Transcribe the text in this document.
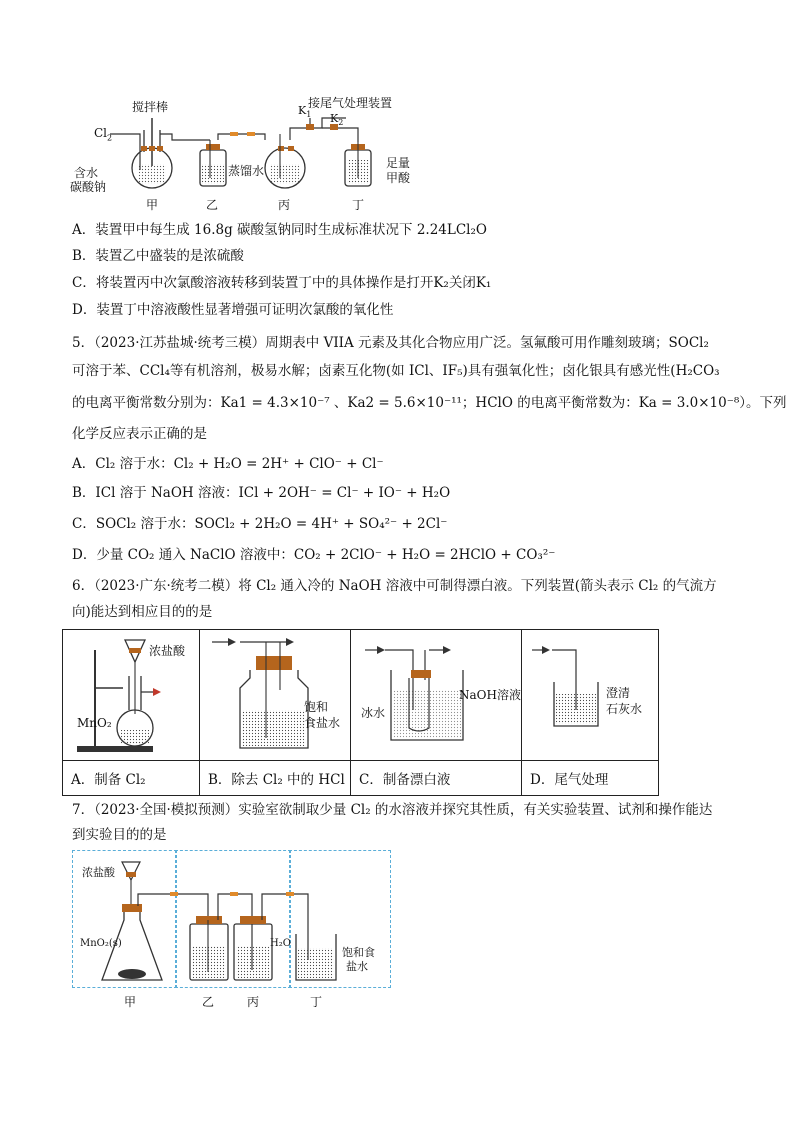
搅拌棒	接尾气处理装置
$K_1$ $K_2$
$Cl_2$
含水
碳酸钠
蒸馏水
足量
甲酸
甲	乙	丙	丁
A．装置甲中每生成 16.8g 碳酸氢钠同时生成标准状况下 2.24LCl₂O
B．装置乙中盛装的是浓硫酸
C．将装置丙中次氯酸溶液转移到装置丁中的具体操作是打开K₂关闭K₁
D．装置丁中溶液酸性显著增强可证明次氯酸的氧化性
5．（2023·江苏盐城·统考三模）周期表中 VIIA 元素及其化合物应用广泛。氢氟酸可用作雕刻玻璃；SOCl₂
可溶于苯、CCl₄等有机溶剂，极易水解；卤素互化物(如 ICl、IF₅)具有强氧化性；卤化银具有感光性(H₂CO₃
的电离平衡常数分别为：Ka1 = 4.3×10⁻⁷ 、Ka2 = 5.6×10⁻¹¹；HClO 的电离平衡常数为：Ka = 3.0×10⁻⁸）。下列
化学反应表示正确的是
A．Cl₂ 溶于水：Cl₂ + H₂O = 2H⁺ + ClO⁻ + Cl⁻
B．ICl 溶于 NaOH 溶液：ICl + 2OH⁻ = Cl⁻ + IO⁻ + H₂O
C．SOCl₂ 溶于水：SOCl₂ + 2H₂O = 4H⁺ + SO₄²⁻ + 2Cl⁻
D．少量 CO₂ 通入 NaClO 溶液中：CO₂ + 2ClO⁻ + H₂O = 2HClO + CO₃²⁻
6．（2023·广东·统考二模）将 Cl₂ 通入冷的 NaOH 溶液中可制得漂白液。下列装置(箭头表示 Cl₂ 的气流方
向)能达到相应目的的是
浓盐酸
MnO₂	饱和
食盐水	NaOH溶液
冰水	澄清
石灰水

A．制备 Cl₂	B．除去 Cl₂ 中的 HCl	C．制备漂白液	D．尾气处理
7．（2023·全国·模拟预测）实验室欲制取少量 Cl₂ 的水溶液并探究其性质，有关实验装置、试剂和操作能达
到实验目的的是
浓盐酸
MnO₂(s)	H₂O
饱和食
盐水
甲	乙	丙	丁
